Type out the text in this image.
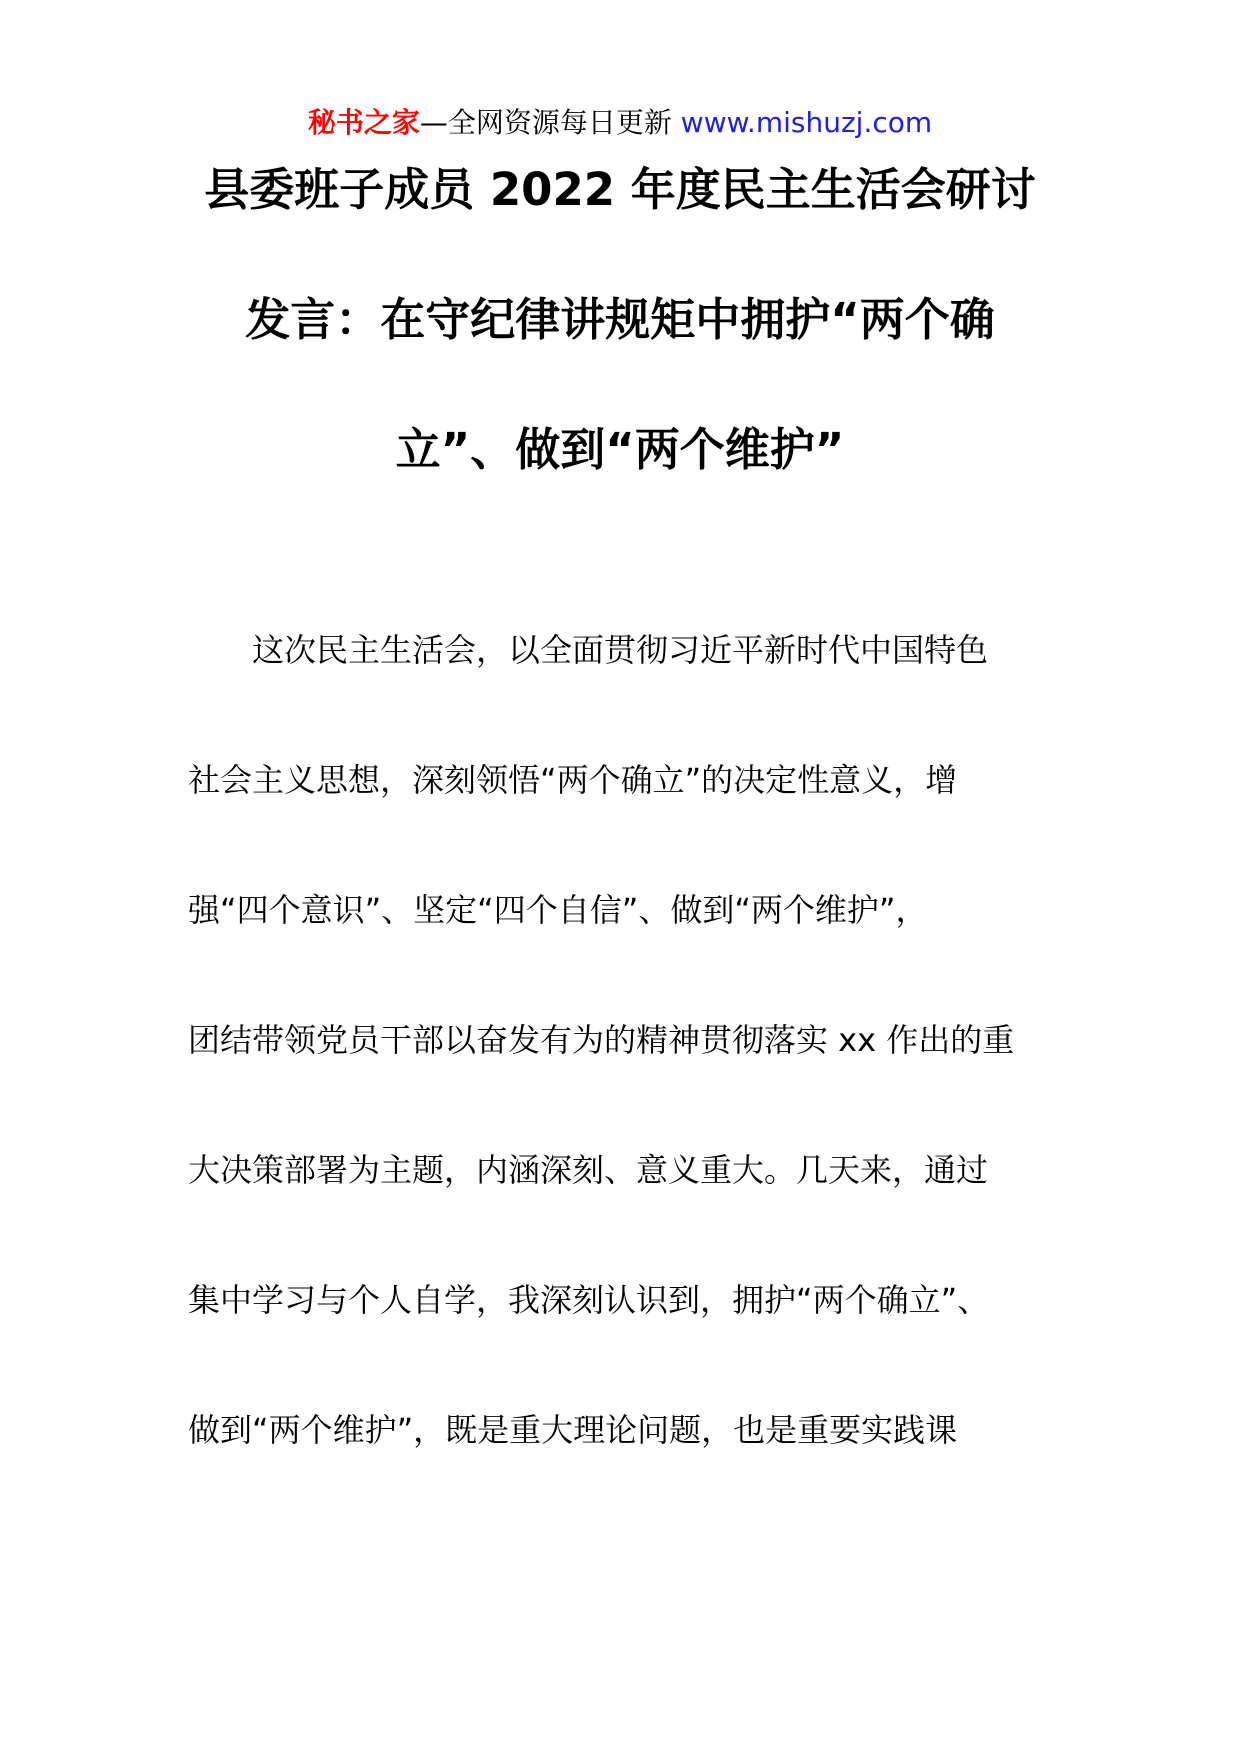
秘书之家—全网资源每日更新 www.mishuzj.com
县委班子成员 2022 年度民主生活会研讨
发言：在守纪律讲规矩中拥护“两个确
立”、做到“两个维护”
这次民主生活会，以全面贯彻习近平新时代中国特色
社会主义思想，深刻领悟“两个确立”的决定性意义，增
强“四个意识”、坚定“四个自信”、做到“两个维护”，
团结带领党员干部以奋发有为的精神贯彻落实 xx 作出的重
大决策部署为主题，内涵深刻、意义重大。几天来，通过
集中学习与个人自学，我深刻认识到，拥护“两个确立”、
做到“两个维护”，既是重大理论问题，也是重要实践课
